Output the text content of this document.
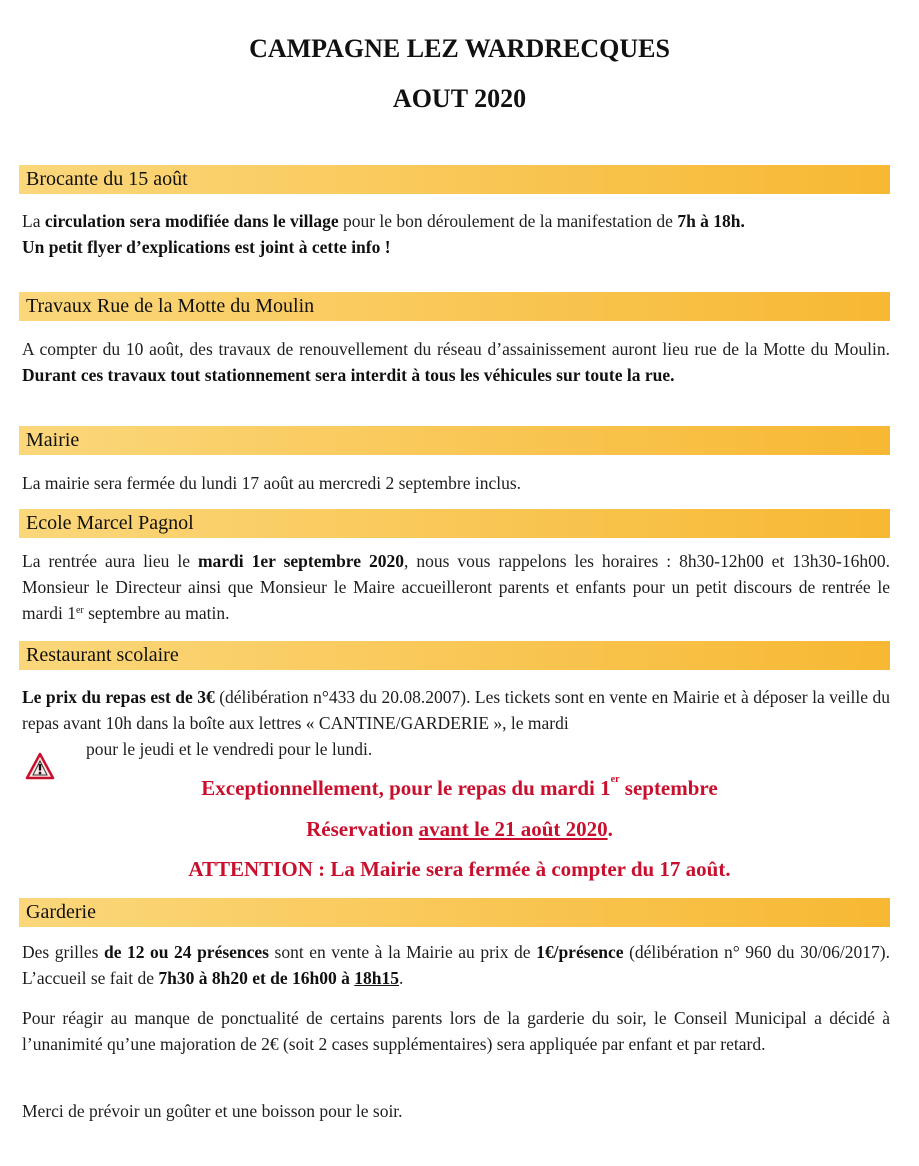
CAMPAGNE LEZ WARDRECQUES
AOUT 2020
Brocante du 15 août
La circulation sera modifiée dans le village pour le bon déroulement de la manifestation de 7h à 18h.
Un petit flyer d’explications est joint à cette info !
Travaux Rue de la Motte du Moulin
A compter du 10 août, des travaux de renouvellement du réseau d’assainissement auront lieu rue de la Motte du Moulin. Durant ces travaux tout stationnement sera interdit à tous les véhicules sur toute la rue.
Mairie
La mairie sera fermée du lundi 17 août au mercredi 2 septembre inclus.
Ecole Marcel Pagnol
La rentrée aura lieu le mardi 1er septembre 2020, nous vous rappelons les horaires : 8h30-12h00 et 13h30-16h00. Monsieur le Directeur ainsi que Monsieur le Maire accueilleront parents et enfants pour un petit discours de rentrée le mardi 1er septembre au matin.
Restaurant scolaire
Le prix du repas est de 3€ (délibération n°433 du 20.08.2007). Les tickets sont en vente en Mairie et à déposer la veille du repas avant 10h dans la boîte aux lettres « CANTINE/GARDERIE », le mardi
pour le jeudi et le vendredi pour le lundi.
Exceptionnellement, pour le repas du mardi 1er septembre
Réservation avant le 21 août 2020.
ATTENTION : La Mairie sera fermée à compter du 17 août.
Garderie
Des grilles de 12 ou 24 présences sont en vente à la Mairie au prix de 1€/présence (délibération n° 960 du 30/06/2017). L’accueil se fait de 7h30 à 8h20 et de 16h00 à 18h15.
Pour réagir au manque de ponctualité de certains parents lors de la garderie du soir, le Conseil Municipal a décidé à l’unanimité qu’une majoration de 2€ (soit 2 cases supplémentaires) sera appliquée par enfant et par retard.
Merci de prévoir un goûter et une boisson pour le soir.
